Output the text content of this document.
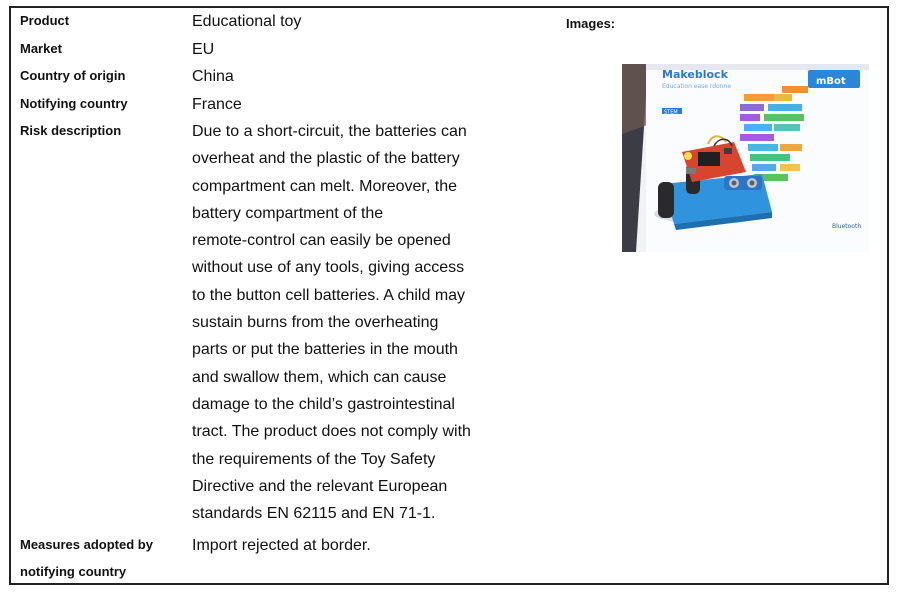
Product
Market
Country of origin
Notifying country
Risk description
Measures adopted by
notifying country
Educational toy
EU
China
France
Due to a short-circuit, the batteries can
overheat and the plastic of the battery
compartment can melt. Moreover, the
battery compartment of the
remote-control can easily be opened
without use of any tools, giving access
to the button cell batteries. A child may
sustain burns from the overheating
parts or put the batteries in the mouth
and swallow them, which can cause
damage to the child’s gastrointestinal
tract. The product does not comply with
the requirements of the Toy Safety
Directive and the relevant European
standards EN 62115 and EN 71-1.
Import rejected at border.
Images:
Makeblock
Education ease rdonne	mBot
STEM
Bluetooth
